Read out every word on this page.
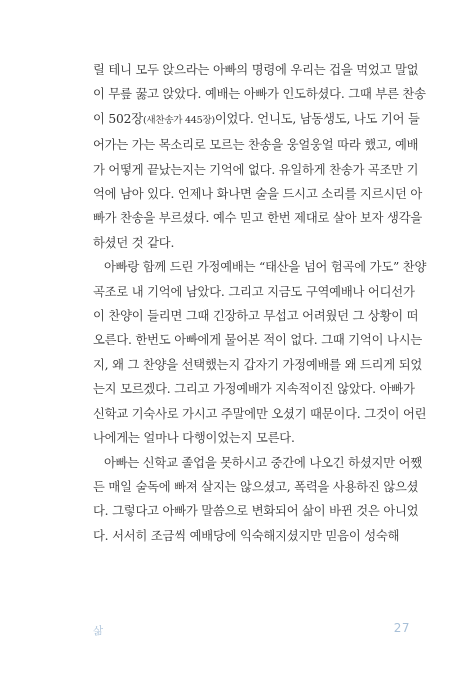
릴 테니 모두 앉으라는 아빠의 명령에 우리는 겁을 먹었고 말없이 무릎 꿇고 앉았다. 예배는 아빠가 인도하셨다. 그때 부른 찬송이 502장(새찬송가 445장)이었다. 언니도, 남동생도, 나도 기어 들어가는 가는 목소리로 모르는 찬송을 웅얼웅얼 따라 했고, 예배가 어떻게 끝났는지는 기억에 없다. 유일하게 찬송가 곡조만 기억에 남아 있다. 언제나 화나면 술을 드시고 소리를 지르시던 아빠가 찬송을 부르셨다. 예수 믿고 한번 제대로 살아 보자 생각을 하셨던 것 같다.

아빠랑 함께 드린 가정예배는 “태산을 넘어 험곡에 가도” 찬양 곡조로 내 기억에 남았다. 그리고 지금도 구역예배나 어디선가 이 찬양이 들리면 그때 긴장하고 무섭고 어려웠던 그 상황이 떠오른다. 한번도 아빠에게 물어본 적이 없다. 그때 기억이 나시는지, 왜 그 찬양을 선택했는지 갑자기 가정예배를 왜 드리게 되었는지 모르겠다. 그리고 가정예배가 지속적이진 않았다. 아빠가 신학교 기숙사로 가시고 주말에만 오셨기 때문이다. 그것이 어린 나에게는 얼마나 다행이었는지 모른다.

아빠는 신학교 졸업을 못하시고 중간에 나오긴 하셨지만 어쨌든 매일 술독에 빠져 살지는 않으셨고, 폭력을 사용하진 않으셨다. 그렇다고 아빠가 말씀으로 변화되어 삶이 바뀐 것은 아니었다. 서서히 조금씩 예배당에 익숙해지셨지만 믿음이 성숙해

삶	27
